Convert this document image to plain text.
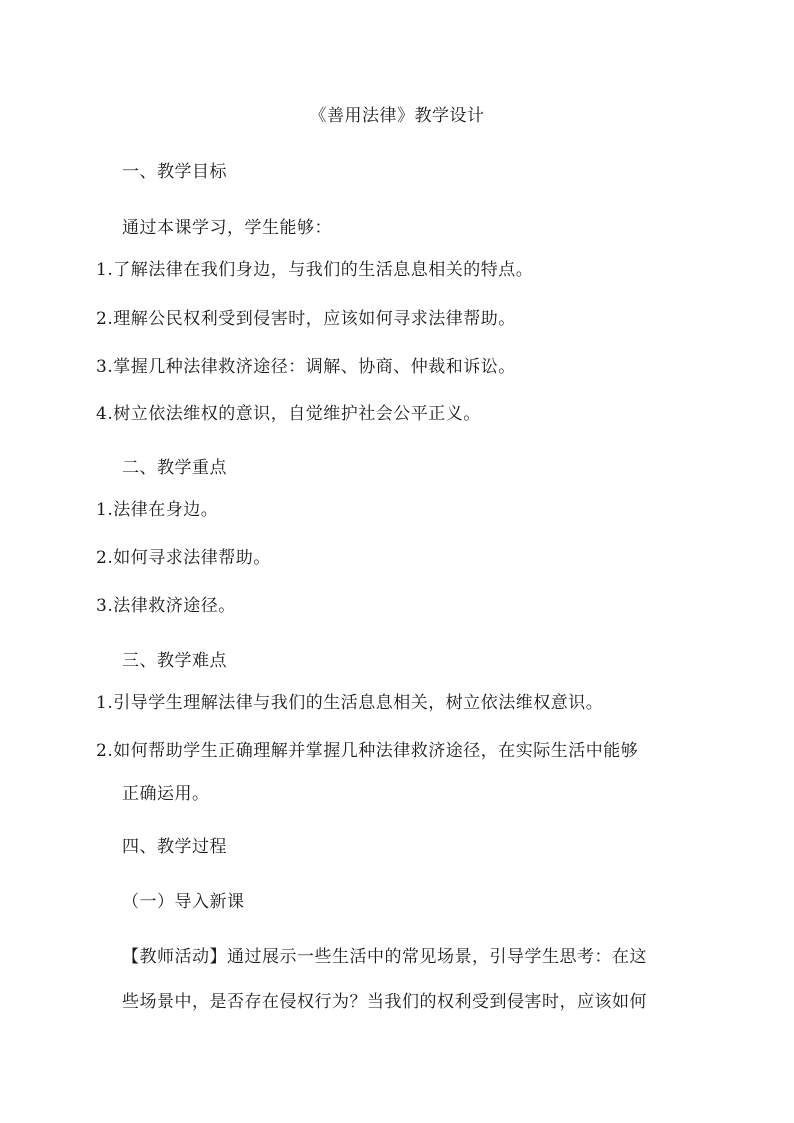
《善用法律》教学设计
一、教学目标
通过本课学习，学生能够：
1.了解法律在我们身边，与我们的生活息息相关的特点。
2.理解公民权利受到侵害时，应该如何寻求法律帮助。
3.掌握几种法律救济途径：调解、协商、仲裁和诉讼。
4.树立依法维权的意识，自觉维护社会公平正义。
二、教学重点
1.法律在身边。
2.如何寻求法律帮助。
3.法律救济途径。
三、教学难点
1.引导学生理解法律与我们的生活息息相关，树立依法维权意识。
2.如何帮助学生正确理解并掌握几种法律救济途径，在实际生活中能够
正确运用。
四、教学过程
（一）导入新课
【教师活动】通过展示一些生活中的常见场景，引导学生思考：在这
些场景中，是否存在侵权行为？当我们的权利受到侵害时，应该如何
